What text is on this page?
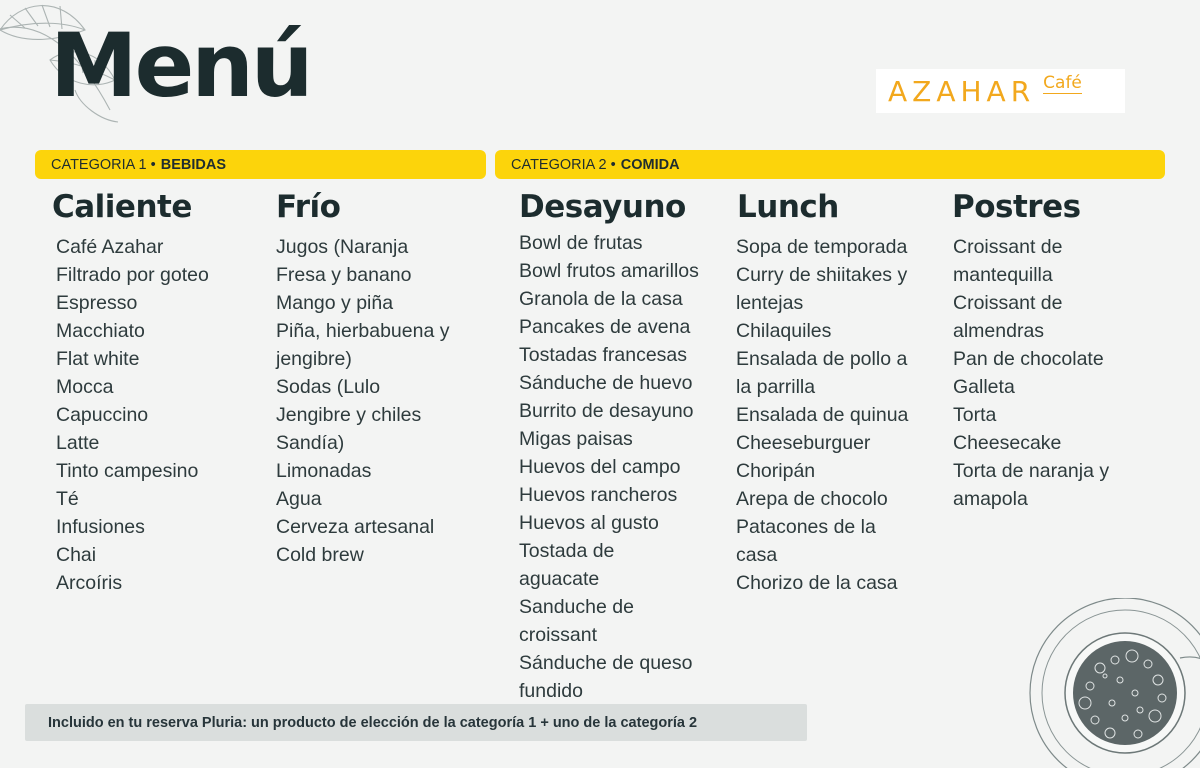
Menú	AZAHAR Café
CATEGORIA 1 • BEBIDAS	CATEGORIA 2 • COMIDA
Caliente
Café Azahar
Filtrado por goteo
Espresso
Macchiato
Flat white
Mocca
Capuccino
Latte
Tinto campesino
Té
Infusiones
Chai
Arcoíris
Frío
Jugos (Naranja
Fresa y banano
Mango y piña
Piña, hierbabuena y
jengibre)
Sodas (Lulo
Jengibre y chiles
Sandía)
Limonadas
Agua
Cerveza artesanal
Cold brew
Desayuno
Bowl de frutas
Bowl frutos amarillos
Granola de la casa
Pancakes de avena
Tostadas francesas
Sánduche de huevo
Burrito de desayuno
Migas paisas
Huevos del campo
Huevos rancheros
Huevos al gusto
Tostada de
aguacate
Sanduche de
croissant
Sánduche de queso
fundido
Lunch
Sopa de temporada
Curry de shiitakes y
lentejas
Chilaquiles
Ensalada de pollo a
la parrilla
Ensalada de quinua
Cheeseburguer
Choripán
Arepa de chocolo
Patacones de la
casa
Chorizo de la casa
Postres
Croissant de
mantequilla
Croissant de
almendras
Pan de chocolate
Galleta
Torta
Cheesecake
Torta de naranja y
amapola
Incluido en tu reserva Pluria: un producto de elección de la categoría 1 + uno de la categoría 2
